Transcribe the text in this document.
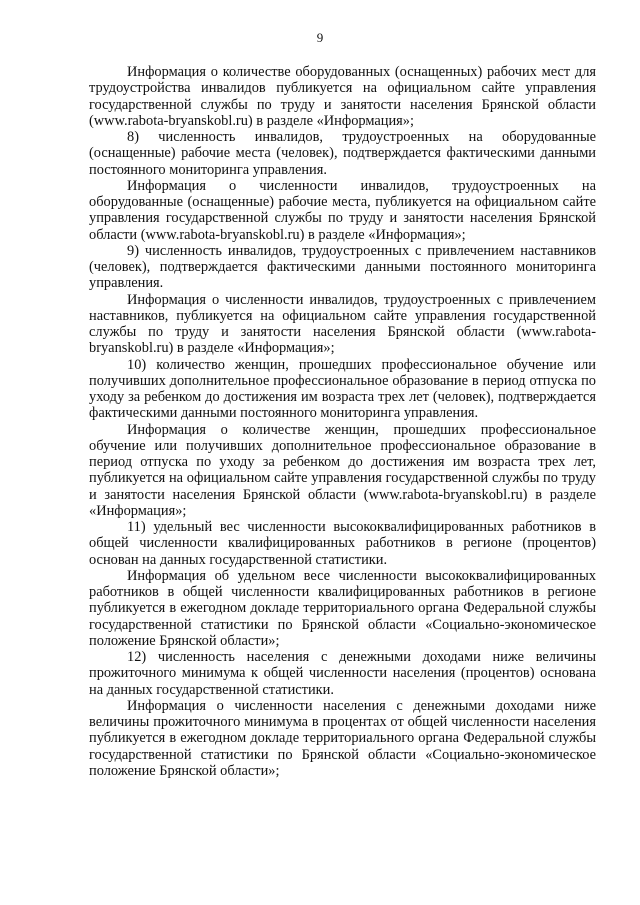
9

Информация о количестве оборудованных (оснащенных) рабочих мест для трудоустройства инвалидов публикуется на официальном сайте управления государственной службы по труду и занятости населения Брянской области (www.rabota-bryanskobl.ru) в разделе «Информация»;

8) численность инвалидов, трудоустроенных на оборудованные (оснащенные) рабочие места (человек), подтверждается фактическими данными постоянного мониторинга управления.

Информация о численности инвалидов, трудоустроенных на оборудованные (оснащенные) рабочие места, публикуется на официальном сайте управления государственной службы по труду и занятости населения Брянской области (www.rabota-bryanskobl.ru) в разделе «Информация»;

9) численность инвалидов, трудоустроенных с привлечением наставников (человек), подтверждается фактическими данными постоянного мониторинга управления.

Информация о численности инвалидов, трудоустроенных с привлечением наставников, публикуется на официальном сайте управления государственной службы по труду и занятости населения Брянской области (www.rabota-bryanskobl.ru) в разделе «Информация»;

10) количество женщин, прошедших профессиональное обучение или получивших дополнительное профессиональное образование в период отпуска по уходу за ребенком до достижения им возраста трех лет (человек), подтверждается фактическими данными постоянного мониторинга управления.

Информация о количестве женщин, прошедших профессиональное обучение или получивших дополнительное профессиональное образование в период отпуска по уходу за ребенком до достижения им возраста трех лет, публикуется на официальном сайте управления государственной службы по труду и занятости населения Брянской области (www.rabota-bryanskobl.ru) в разделе «Информация»;

11) удельный вес численности высококвалифицированных работников в общей численности квалифицированных работников в регионе (процентов) основан на данных государственной статистики.

Информация об удельном весе численности высококвалифицированных работников в общей численности квалифицированных работников в регионе публикуется в ежегодном докладе территориального органа Федеральной службы государственной статистики по Брянской области «Социально-экономическое положение Брянской области»;

12) численность населения с денежными доходами ниже величины прожиточного минимума к общей численности населения (процентов) основана на данных государственной статистики.

Информация о численности населения с денежными доходами ниже величины прожиточного минимума в процентах от общей численности населения публикуется в ежегодном докладе территориального органа Федеральной службы государственной статистики по Брянской области «Социально-экономическое положение Брянской области»;
